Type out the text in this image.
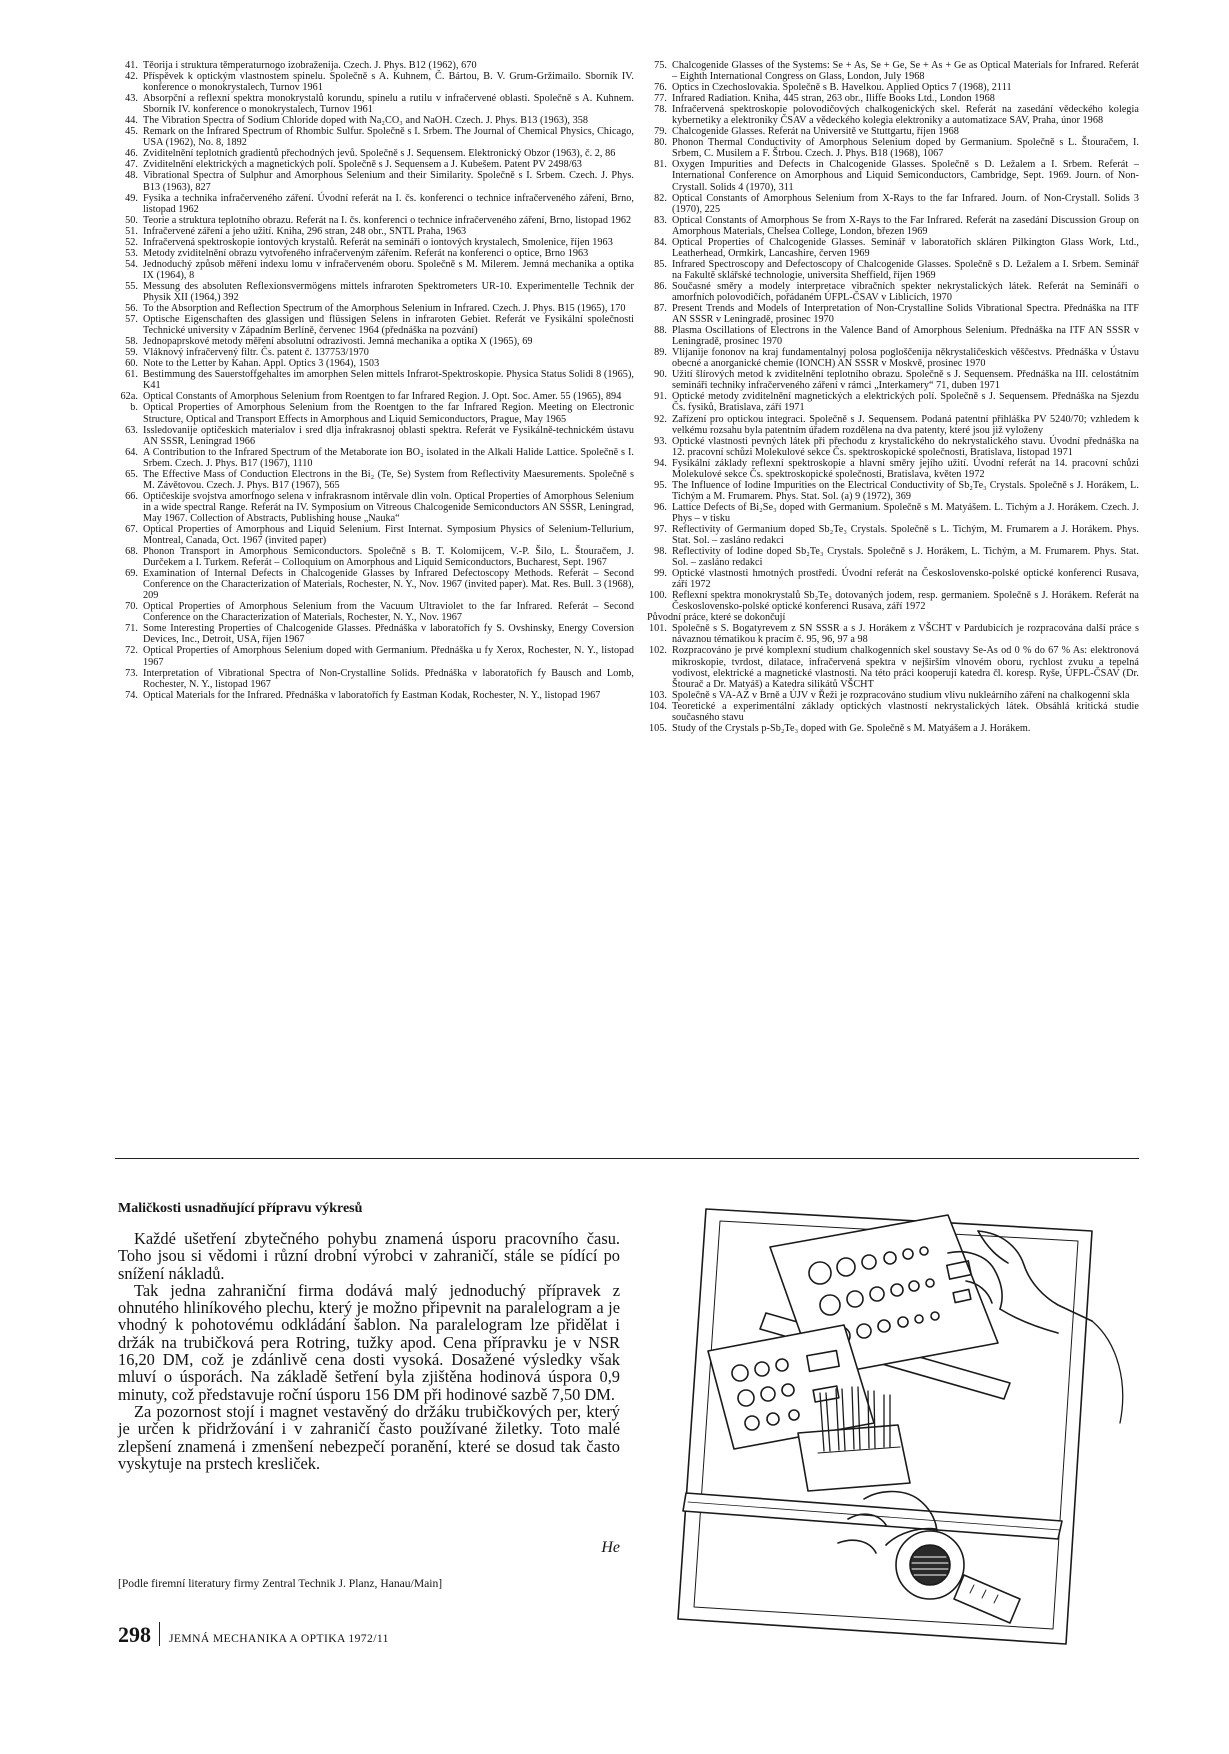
41. Těorija i struktura těmperaturnogo izobraženija. Czech. J. Phys. B12 (1962), 670
42. Příspěvek k optickým vlastnostem spinelu. Společně s A. Kuhnem, Č. Bártou, B. V. Grum-Gržimailo. Sborník IV. konference o monokrystalech, Turnov 1961
43. Absorpční a reflexní spektra monokrystalů korundu, spinelu a rutilu v infračervené oblasti. Společně s A. Kuhnem. Sborník IV. konference o monokrystalech, Turnov 1961
44. The Vibration Spectra of Sodium Chloride doped with Na₂CO₃ and NaOH. Czech. J. Phys. B13 (1963), 358
45. Remark on the Infrared Spectrum of Rhombic Sulfur. Společně s I. Srbem. The Journal of Chemical Physics, Chicago, USA (1962), No. 8, 1892
46. Zviditelnění teplotních gradientů přechodných jevů. Společně s J. Sequensem. Elektronický Obzor (1963), č. 2, 86
47. Zviditelnění elektrických a magnetických polí. Společně s J. Sequensem a J. Kubešem. Patent PV 2498/63
48. Vibrational Spectra of Sulphur and Amorphous Selenium and their Similarity. Společně s I. Srbem. Czech. J. Phys. B13 (1963), 827
49. Fysika a technika infračerveného záření. Úvodní referát na I. čs. konferenci o technice infračerveného záření, Brno, listopad 1962
50. Teorie a struktura teplotního obrazu. Referát na I. čs. konferenci o technice infračerveného záření, Brno, listopad 1962
51. Infračervené záření a jeho užití. Kniha, 296 stran, 248 obr., SNTL Praha, 1963
52. Infračervená spektroskopie iontových krystalů. Referát na semináři o iontových krystalech, Smolenice, říjen 1963
53. Metody zviditelnění obrazu vytvořeného infračerveným zářením. Referát na konferenci o optice, Brno 1963
54. Jednoduchý způsob měření indexu lomu v infračerveném oboru. Společně s M. Milerem. Jemná mechanika a optika IX (1964), 8
55. Messung des absoluten Reflexionsvermögens mittels infraroten Spektrometers UR-10. Experimentelle Technik der Physik XII (1964,) 392
56. To the Absorption and Reflection Spectrum of the Amorphous Selenium in Infrared. Czech. J. Phys. B15 (1965), 170
57. Optische Eigenschaften des glassigen und flüssigen Selens in infraroten Gebiet. Referát ve Fysikální společnosti Technické university v Západním Berlíně, červenec 1964 (přednáška na pozvání)
58. Jednopaprskové metody měření absolutní odrazivosti. Jemná mechanika a optika X (1965), 69
59. Vláknový infračervený filtr. Čs. patent č. 137753/1970
60. Note to the Letter by Kahan. Appl. Optics 3 (1964), 1503
61. Bestimmung des Sauerstoffgehaltes im amorphen Selen mittels Infrarot-Spektroskopie. Physica Status Solidi 8 (1965), K41
62a. Optical Constants of Amorphous Selenium from Roentgen to far Infrared Region. J. Opt. Soc. Amer. 55 (1965), 894
b. Optical Properties of Amorphous Selenium from the Roentgen to the far Infrared Region. Meeting on Electronic Structure, Optical and Transport Effects in Amorphous and Liquid Semiconductors, Prague, May 1965
63. Issledovanije optičeskich materialov i sred dlja infrakrasnoj oblasti spektra. Referát ve Fysikálně-technickém ústavu AN SSSR, Leningrad 1966
64. A Contribution to the Infrared Spectrum of the Metaborate ion BO₂ isolated in the Alkali Halide Lattice. Společně s I. Srbem. Czech. J. Phys. B17 (1967), 1110
65. The Effective Mass of Conduction Electrons in the Bi₂ (Te, Se) System from Reflectivity Maesurements. Společně s M. Závětovou. Czech. J. Phys. B17 (1967), 565
66. Optičeskije svojstva amorfnogo selena v infrakrasnom intěrvale dlin voln. Optical Properties of Amorphous Selenium in a wide spectral Range. Referát na IV. Symposium on Vitreous Chalcogenide Semiconductors AN SSSR, Leningrad, May 1967. Collection of Abstracts, Publishing house „Nauka“
67. Optical Properties of Amorphous and Liquid Selenium. First Internat. Symposium Physics of Selenium-Tellurium, Montreal, Canada, Oct. 1967 (invited paper)
68. Phonon Transport in Amorphous Semiconductors. Společně s B. T. Kolomijcem, V.-P. Šilo, L. Štouračem, J. Durčekem a I. Turkem. Referát – Colloquium on Amorphous and Liquid Semiconductors, Bucharest, Sept. 1967
69. Examination of Internal Defects in Chalcogenide Glasses by Infrared Defectoscopy Methods. Referát – Second Conference on the Characterization of Materials, Rochester, N. Y., Nov. 1967 (invited paper). Mat. Res. Bull. 3 (1968), 209
70. Optical Properties of Amorphous Selenium from the Vacuum Ultraviolet to the far Infrared. Referát – Second Conference on the Characterization of Materials, Rochester, N. Y., Nov. 1967
71. Some Interesting Properties of Chalcogenide Glasses. Přednáška v laboratořích fy S. Ovshinsky, Energy Coversion Devices, Inc., Detroit, USA, říjen 1967
72. Optical Properties of Amorphous Selenium doped with Germanium. Přednáška u fy Xerox, Rochester, N. Y., listopad 1967
73. Interpretation of Vibrational Spectra of Non-Crystalline Solids. Přednáška v laboratořích fy Bausch and Lomb, Rochester, N. Y., listopad 1967
74. Optical Materials for the Infrared. Přednáška v laboratořích fy Eastman Kodak, Rochester, N. Y., listopad 1967
75. Chalcogenide Glasses of the Systems: Se + As, Se + Ge, Se + As + Ge as Optical Materials for Infrared. Referát – Eighth International Congress on Glass, London, July 1968
76. Optics in Czechoslovakia. Společně s B. Havelkou. Applied Optics 7 (1968), 2111
77. Infrared Radiation. Kniha, 445 stran, 263 obr., Iliffe Books Ltd., London 1968
78. Infračervená spektroskopie polovodičových chalkogenických skel. Referát na zasedání vědeckého kolegia kybernetiky a elektroniky ČSAV a vědeckého kolegia elektroniky a automatizace SAV, Praha, únor 1968
79. Chalcogenide Glasses. Referát na Universitě ve Stuttgartu, říjen 1968
80. Phonon Thermal Conductivity of Amorphous Selenium doped by Germanium. Společně s L. Štouračem, I. Srbem, C. Musilem a F. Štrbou. Czech. J. Phys. B18 (1968), 1067
81. Oxygen Impurities and Defects in Chalcogenide Glasses. Společně s D. Ležalem a I. Srbem. Referát – International Conference on Amorphous and Liquid Semiconductors, Cambridge, Sept. 1969. Journ. of Non-Crystall. Solids 4 (1970), 311
82. Optical Constants of Amorphous Selenium from X-Rays to the far Infrared. Journ. of Non-Crystall. Solids 3 (1970), 225
83. Optical Constants of Amorphous Se from X-Rays to the Far Infrared. Referát na zasedání Discussion Group on Amorphous Materials, Chelsea College, London, březen 1969
84. Optical Properties of Chalcogenide Glasses. Seminář v laboratořích skláren Pilkington Glass Work, Ltd., Leatherhead, Ormkirk, Lancashire, červen 1969
85. Infrared Spectroscopy and Defectoscopy of Chalcogenide Glasses. Společně s D. Ležalem a I. Srbem. Seminář na Fakultě sklářské technologie, universita Sheffield, říjen 1969
86. Současné směry a modely interpretace vibračních spekter nekrystalických látek. Referát na Semináři o amorfních polovodičích, pořádaném ÚFPL-ČSAV v Liblicích, 1970
87. Present Trends and Models of Interpretation of Non-Crystalline Solids Vibrational Spectra. Přednáška na ITF AN SSSR v Leningradě, prosinec 1970
88. Plasma Oscillations of Electrons in the Valence Band of Amorphous Selenium. Přednáška na ITF AN SSSR v Leningradě, prosinec 1970
89. Vlijanije fononov na kraj fundamentalnyj polosa pogloščenija někrystaličeskich věščestvs. Přednáška v Ústavu obecné a anorganické chemie (IONCH) AN SSSR v Moskvě, prosinec 1970
90. Užití šlírových metod k zviditelnění teplotního obrazu. Společně s J. Sequensem. Přednáška na III. celostátním semináři techniky infračerveného záření v rámci „Interkamery“ 71, duben 1971
91. Optické metody zviditelnění magnetických a elektrických polí. Společně s J. Sequensem. Přednáška na Sjezdu Čs. fysiků, Bratislava, září 1971
92. Zařízení pro optickou integraci. Společně s J. Sequensem. Podaná patentní přihláška PV 5240/70; vzhledem k velkému rozsahu byla patentním úřadem rozdělena na dva patenty, které jsou již vyloženy
93. Optické vlastnosti pevných látek při přechodu z krystalického do nekrystalického stavu. Úvodní přednáška na 12. pracovní schůzi Molekulové sekce Čs. spektroskopické společnosti, Bratislava, listopad 1971
94. Fysikální základy reflexní spektroskopie a hlavní směry jejího užití. Úvodní referát na 14. pracovní schůzi Molekulové sekce Čs. spektroskopické společnosti, Bratislava, květen 1972
95. The Influence of Iodine Impurities on the Electrical Conductivity of Sb₂Te₃ Crystals. Společně s J. Horákem, L. Tichým a M. Frumarem. Phys. Stat. Sol. (a) 9 (1972), 369
96. Lattice Defects of Bi₂Se₃ doped with Germanium. Společně s M. Matyášem. L. Tichým a J. Horákem. Czech. J. Phys – v tisku
97. Reflectivity of Germanium doped Sb₂Te₃ Crystals. Společně s L. Tichým, M. Frumarem a J. Horákem. Phys. Stat. Sol. – zasláno redakci
98. Reflectivity of Iodine doped Sb₂Te₃ Crystals. Společně s J. Horákem, L. Tichým, a M. Frumarem. Phys. Stat. Sol. – zasláno redakci
99. Optické vlastnosti hmotných prostředí. Úvodní referát na Československo-polské optické konferenci Rusava, září 1972
100. Reflexní spektra monokrystalů Sb₂Te₃ dotovaných jodem, resp. germaniem. Společně s J. Horákem. Referát na Československo-polské optické konferenci Rusava, září 1972
Původní práce, které se dokončují
101. Společně s S. Bogatyrevem z SN SSSR a s J. Horákem z VŠCHT v Pardubicích je rozpracována další práce s návaznou tématikou k pracím č. 95, 96, 97 a 98
102. Rozpracováno je prvé komplexní studium chalkogenních skel soustavy Se-As od 0 % do 67 % As: elektronová mikroskopie, tvrdost, dilatace, infračervená spektra v nejširším vlnovém oboru, rychlost zvuku a tepelná vodivost, elektrické a magnetické vlastnosti. Na této práci kooperují katedra čl. koresp. Ryše, ÚFPL-ČSAV (Dr. Štourač a Dr. Matyáš) a Katedra silikátů VŠCHT
103. Společně s VA-AZ v Brně a ÚJV v Řeži je rozpracováno studium vlivu nukleárního záření na chalkogenní skla
104. Teoretické a experimentální základy optických vlastností nekrystalických látek. Obsáhlá kritická studie současného stavu
105. Study of the Crystals p-Sb₂Te₃ doped with Ge. Společně s M. Matyášem a J. Horákem.
Maličkosti usnadňující přípravu výkresů

Každé ušetření zbytečného pohybu znamená úsporu pracovního času. Toho jsou si vědomi i různí drobní výrobci v zahraničí, stále se pídící po snížení nákladů.

Tak jedna zahraniční firma dodává malý jednoduchý přípravek z ohnutého hliníkového plechu, který je možno připevnit na paralelogram a je vhodný k pohotovému odkládání šablon. Na paralelogram lze přidělat i držák na trubičková pera Rotring, tužky apod. Cena přípravku je v NSR 16,20 DM, což je zdánlivě cena dosti vysoká. Dosažené výsledky však mluví o úsporách. Na základě šetření byla zjištěna hodinová úspora 0,9 minuty, což představuje roční úsporu 156 DM při hodinové sazbě 7,50 DM.

Za pozornost stojí i magnet vestavěný do držáku trubičkových per, který je určen k přidržování i v zahraničí často používané žiletky. Toto malé zlepšení znamená i zmenšení nebezpečí poranění, které se dosud tak často vyskytuje na prstech kresliček.

He
[Podle firemní literatury firmy Zentral Technik J. Planz, Hanau/Main]
298 JEMNÁ MECHANIKA A OPTIKA 1972/11
